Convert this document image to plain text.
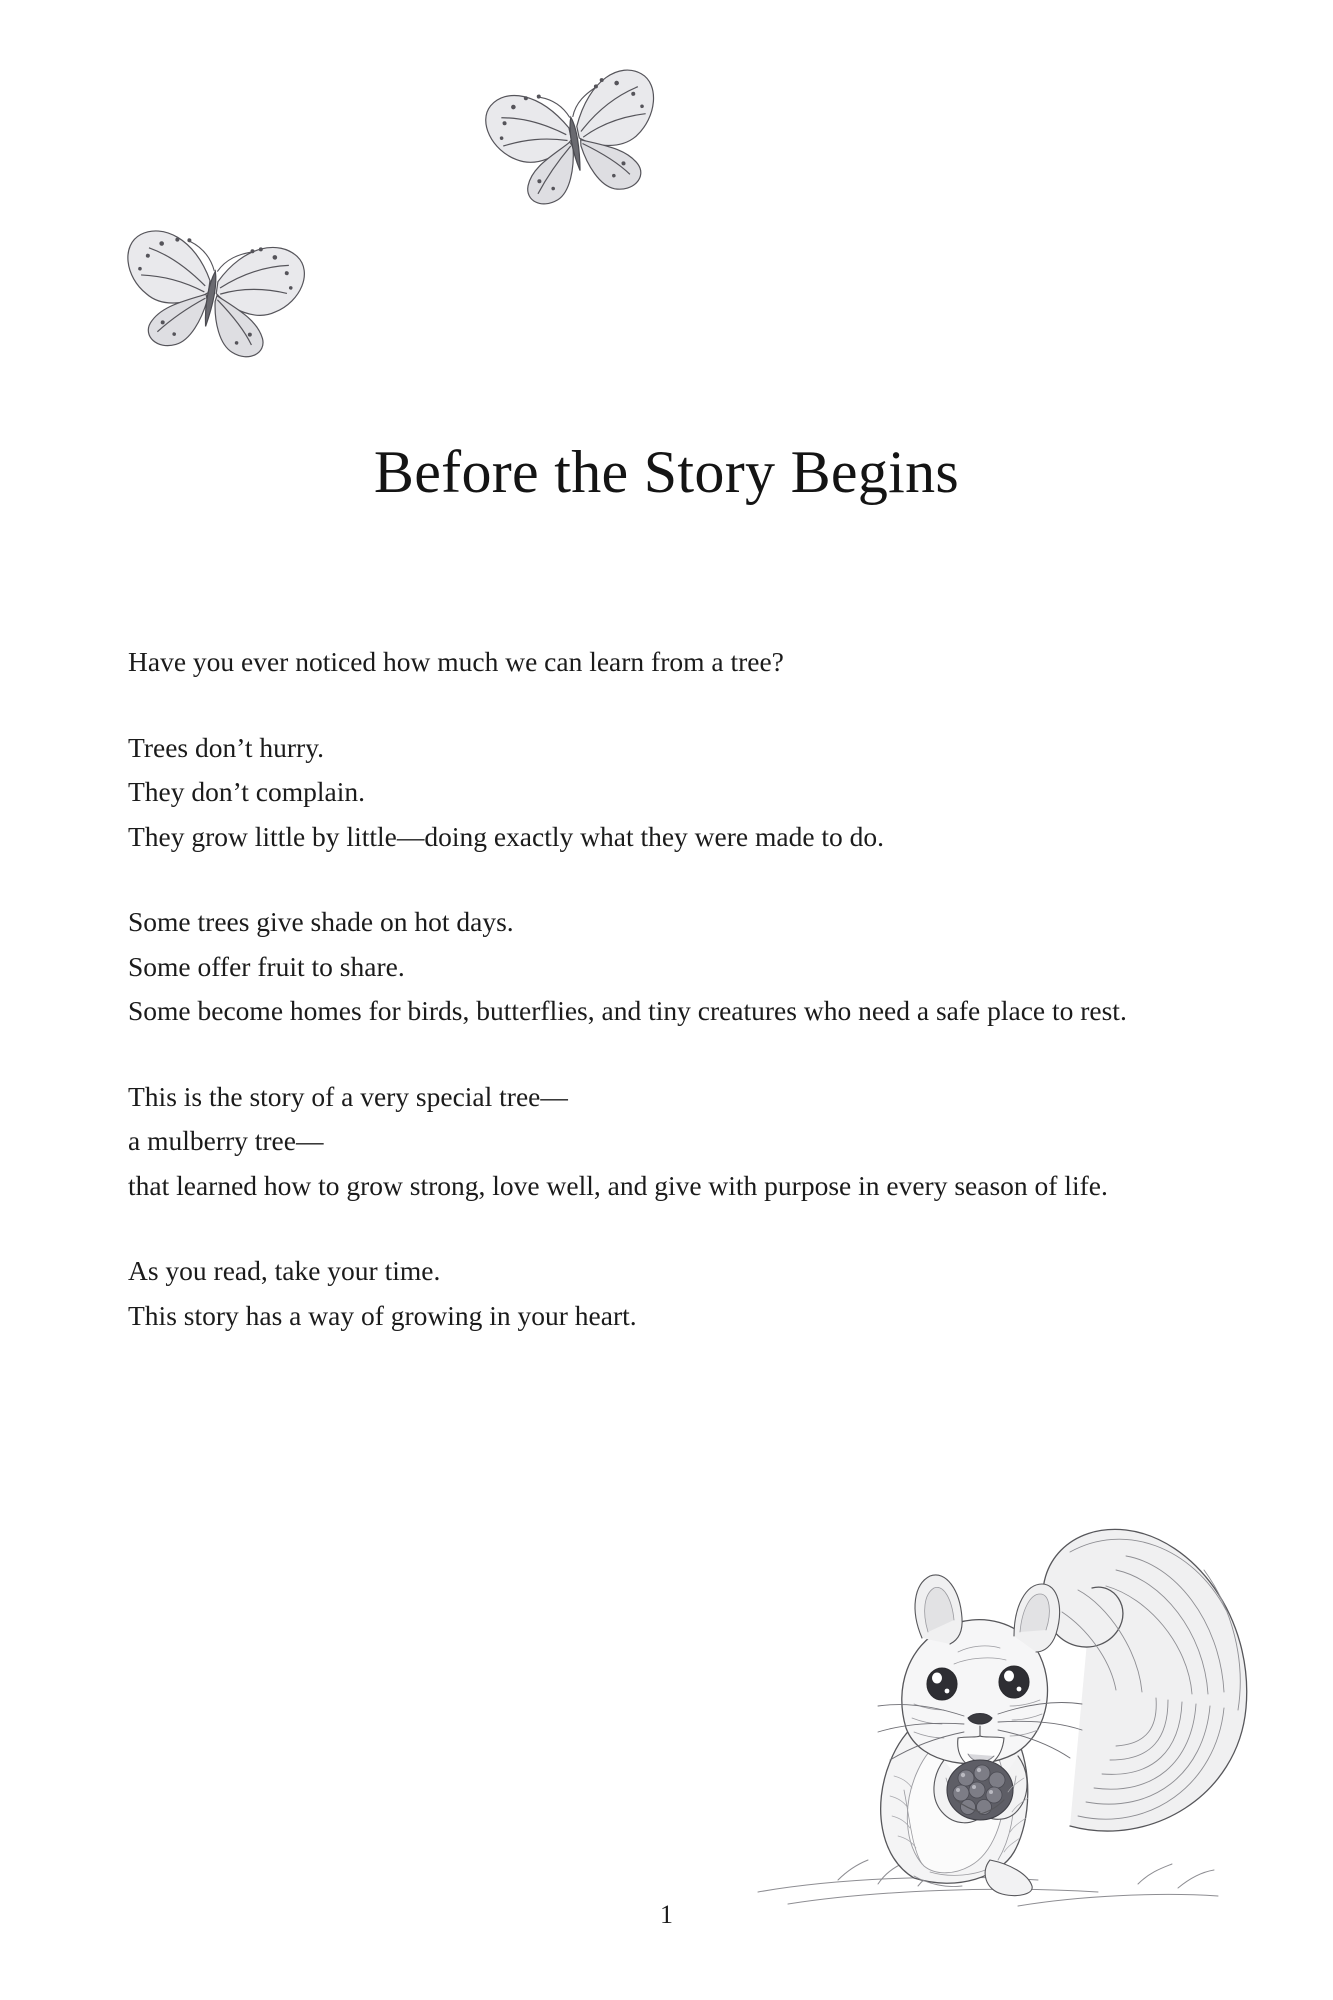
Before the Story Begins

Have you ever noticed how much we can learn from a tree?

Trees don’t hurry.
They don’t complain.
They grow little by little—doing exactly what they were made to do.

Some trees give shade on hot days.
Some offer fruit to share.
Some become homes for birds, butterflies, and tiny creatures who need a safe place to rest.

This is the story of a very special tree—
a mulberry tree—
that learned how to grow strong, love well, and give with purpose in every season of life.

As you read, take your time.
This story has a way of growing in your heart.

1
